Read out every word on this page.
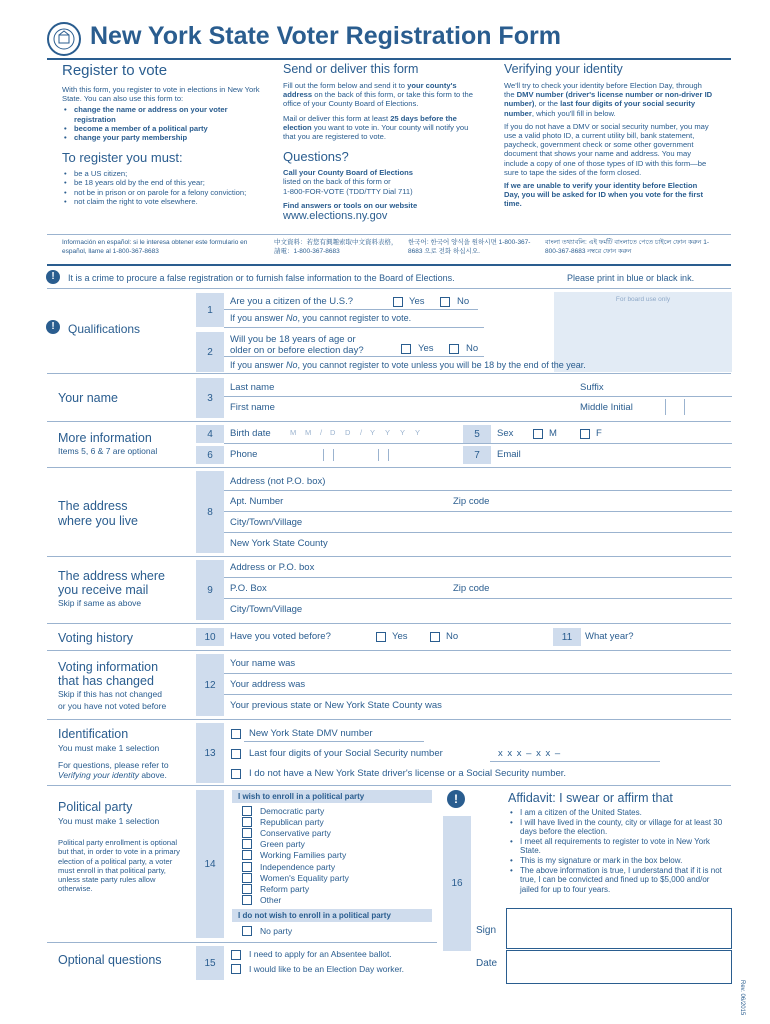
New York State Voter Registration Form
Register to vote
With this form, you register to vote in elections in New York State. You can also use this form to:
• change the name or address on your voter registration
• become a member of a political party
• change your party membership
To register you must:
• be a US citizen;
• be 18 years old by the end of this year;
• not be in prison or on parole for a felony conviction;
• not claim the right to vote elsewhere.
Send or deliver this form
Fill out the form below and send it to your county's address on the back of this form, or take this form to the office of your County Board of Elections.
Mail or deliver this form at least 25 days before the election you want to vote in. Your county will notify you that you are registered to vote.
Questions?
Call your County Board of Elections
listed on the back of this form or
1-800-FOR-VOTE (TDD/TTY Dial 711)
Find answers or tools on our website
www.elections.ny.gov
Verifying your identity
We'll try to check your identity before Election Day, through the DMV number (driver's license number or non-driver ID number), or the last four digits of your social security number, which you'll fill in below.
If you do not have a DMV or social security number, you may use a valid photo ID, a current utility bill, bank statement, paycheck, government check or some other government document that shows your name and address. You may include a copy of one of those types of ID with this form—be sure to tape the sides of the form closed.
If we are unable to verify your identity before Election Day, you will be asked for ID when you vote for the first time.
Información en español: si le interesa obtener este formulario en español, llame al 1-800-367-8683
中文資料：若您有興趣索取中文資料表格，請電：1-800-367-8683
한국어: 한국어 양식을 원하시면 1-800-367-8683 으로 전화 하십시오.
বাংলা তথ্যাবলি: এই ফর্মটি বাংলাতে পেতে চাইলে ফোন করুন 1-800-367-8683 নম্বরে ফোন করুন
!	It is a crime to procure a false registration or to furnish false information to the Board of Elections.	Please print in blue or black ink.
For board use only
!	Qualifications
1
Are you a citizen of the U.S.?	Yes	No
If you answer No, you cannot register to vote.
2
Will you be 18 years of age or
older on or before election day?	Yes	No
If you answer No, you cannot register to vote unless you will be 18 by the end of the year.
Your name	3
Last name	Suffix
First name	Middle Initial
More information
Items 5, 6 & 7 are optional
4	Birth date	M	M	/	D	D	/	Y	Y	Y	Y	5	Sex	M	F
6	Phone	7	Email
The address
where you live
8
Address (not P.O. box)
Apt. Number	Zip code
City/Town/Village
New York State County
The address where
you receive mail
Skip if same as above
9
Address or P.O. box
P.O. Box	Zip code
City/Town/Village
Voting history	10	Have you voted before?	Yes	No	11	What year?
Voting information
that has changed
Skip if this has not changed
or you have not voted before
12
Your name was
Your address was
Your previous state or New York State County was
Identification
You must make 1 selection
For questions, please refer to
Verifying your identity above.
13
New York State DMV number
Last four digits of your Social Security number	x x x – x x –
I do not have a New York State driver's license or a Social Security number.
Political party
You must make 1 selection
Political party enrollment is optional but that, in order to vote in a primary election of a political party, a voter must enroll in that political party, unless state party rules allow otherwise.
14
I wish to enroll in a political party
Democratic party
Republican party
Conservative party
Green party
Working Families party
Independence party
Women's Equality party
Reform party
Other
I do not wish to enroll in a political party
No party
!	Affidavit: I swear or affirm that
• I am a citizen of the United States.
• I will have lived in the county, city or village for at least 30 days before the election.
• I meet all requirements to register to vote in New York State.
• This is my signature or mark in the box below.
• The above information is true, I understand that if it is not true, I can be convicted and fined up to $5,000 and/or jailed for up to four years.
16
Sign
Date
Optional questions	15
I need to apply for an Absentee ballot.
I would like to be an Election Day worker.
Rev. 06/2015
